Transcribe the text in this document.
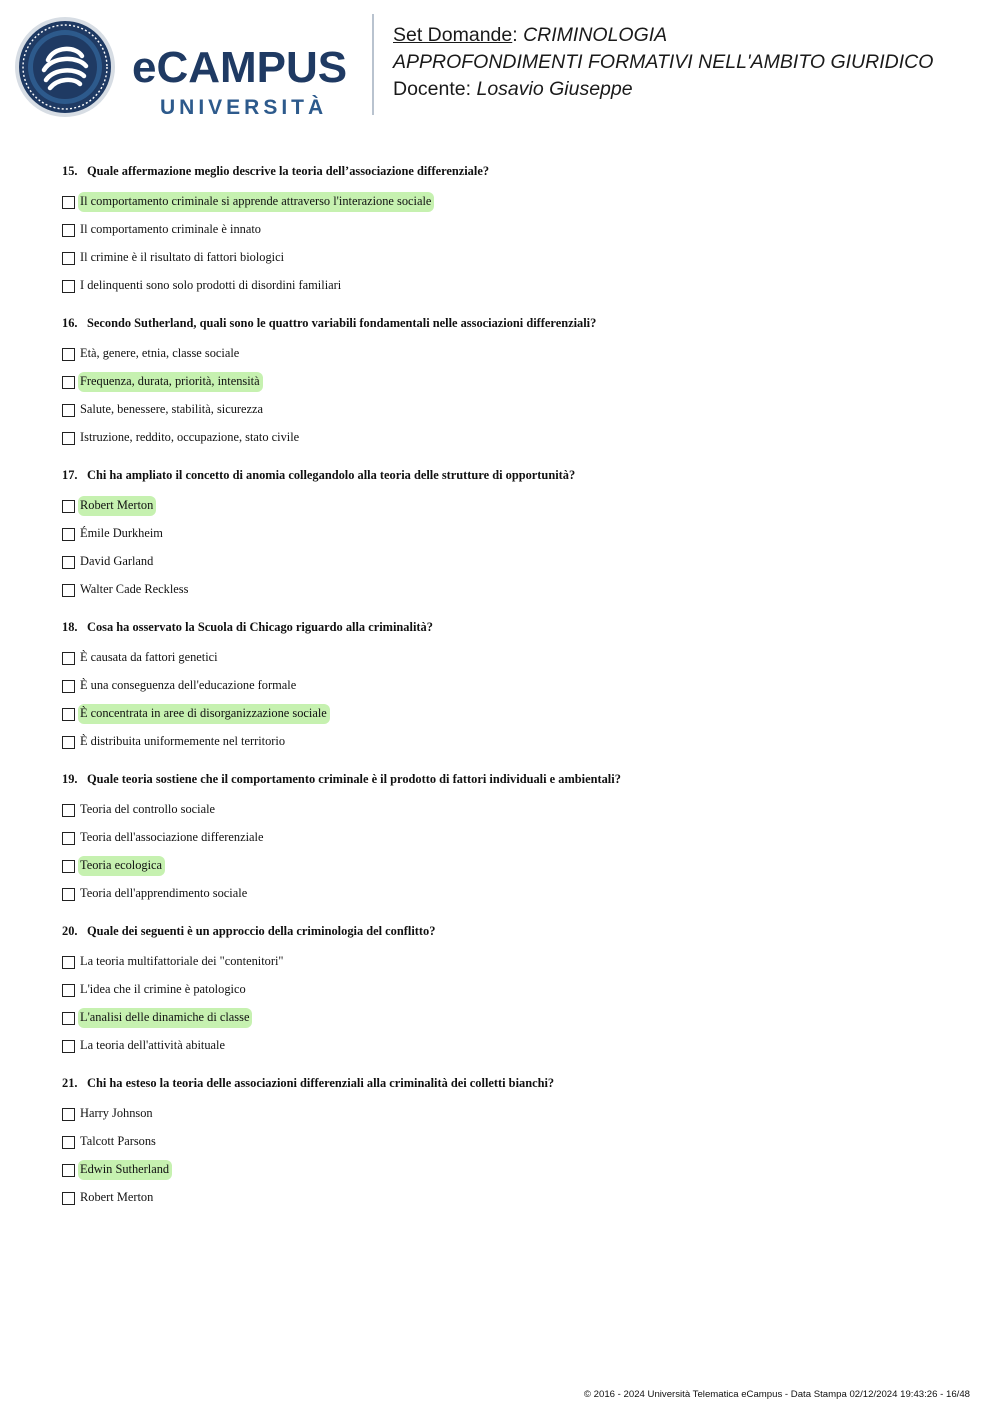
eCAMPUS
UNIVERSITÀ
Set Domande: CRIMINOLOGIA
APPROFONDIMENTI FORMATIVI NELL'AMBITO GIURIDICO
Docente: Losavio Giuseppe
15. Quale affermazione meglio descrive la teoria dell’associazione differenziale?
Il comportamento criminale si apprende attraverso l'interazione sociale
Il comportamento criminale è innato
Il crimine è il risultato di fattori biologici
I delinquenti sono solo prodotti di disordini familiari
16. Secondo Sutherland, quali sono le quattro variabili fondamentali nelle associazioni differenziali?
Età, genere, etnia, classe sociale
Frequenza, durata, priorità, intensità
Salute, benessere, stabilità, sicurezza
Istruzione, reddito, occupazione, stato civile
17. Chi ha ampliato il concetto di anomia collegandolo alla teoria delle strutture di opportunità?
Robert Merton
Émile Durkheim
David Garland
Walter Cade Reckless
18. Cosa ha osservato la Scuola di Chicago riguardo alla criminalità?
È causata da fattori genetici
È una conseguenza dell'educazione formale
È concentrata in aree di disorganizzazione sociale
È distribuita uniformemente nel territorio
19. Quale teoria sostiene che il comportamento criminale è il prodotto di fattori individuali e ambientali?
Teoria del controllo sociale
Teoria dell'associazione differenziale
Teoria ecologica
Teoria dell'apprendimento sociale
20. Quale dei seguenti è un approccio della criminologia del conflitto?
La teoria multifattoriale dei "contenitori"
L'idea che il crimine è patologico
L'analisi delle dinamiche di classe
La teoria dell'attività abituale
21. Chi ha esteso la teoria delle associazioni differenziali alla criminalità dei colletti bianchi?
Harry Johnson
Talcott Parsons
Edwin Sutherland
Robert Merton
© 2016 - 2024 Università Telematica eCampus - Data Stampa 02/12/2024 19:43:26 - 16/48
